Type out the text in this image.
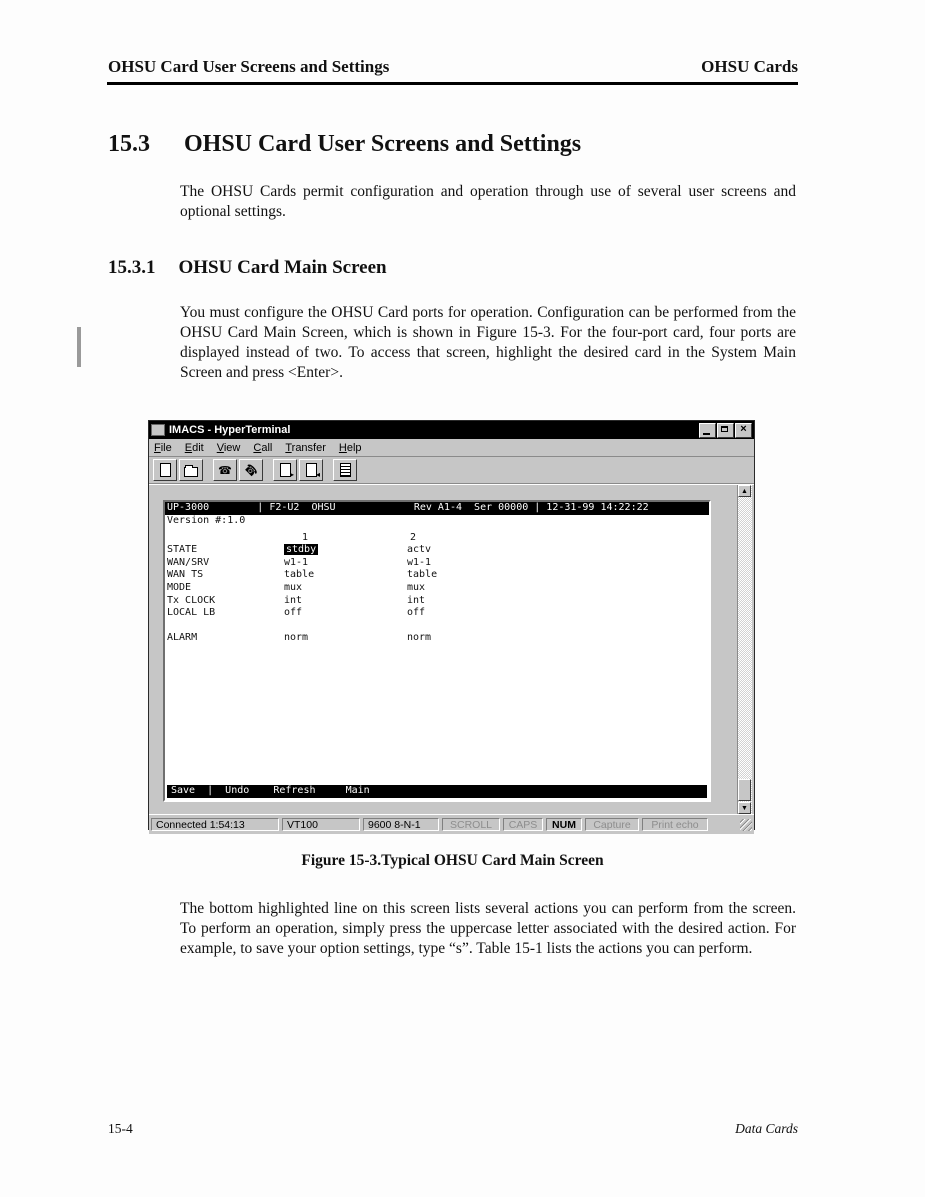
OHSU Card User Screens and Settings	OHSU Cards
15.3 OHSU Card User Screens and Settings
The OHSU Cards permit configuration and operation through use of several user screens and optional settings.
15.3.1 OHSU Card Main Screen
You must configure the OHSU Card ports for operation. Configuration can be performed from the OHSU Card Main Screen, which is shown in Figure 15-3. For the four-port card, four ports are displayed instead of two. To access that screen, highlight the desired card in the System Main Screen and press <Enter>.
IMACS - HyperTerminal	×
File Edit View Call Transfer Help
☎ ☎	▸	◂
UP-3000        | F2-U2  OHSU             Rev A1-4  Ser 00000 | 12-31-99 14:22:22
Version #:1.0
1	2
STATE	stdby	actv
WAN/SRV	w1-1	w1-1
WAN TS	table	table
MODE	mux	mux
Tx CLOCK	int	int
LOCAL LB	off	off
ALARM	norm	norm
Save  |  Undo    Refresh     Main
▲
▼
Connected 1:54:13	VT100	9600 8-N-1	SCROLL	CAPS	NUM	Capture	Print echo
Figure 15-3.Typical OHSU Card Main Screen
The bottom highlighted line on this screen lists several actions you can perform from the screen. To perform an operation, simply press the uppercase letter associated with the desired action. For example, to save your option settings, type “s”. Table 15-1 lists the actions you can perform.
15-4	Data Cards
